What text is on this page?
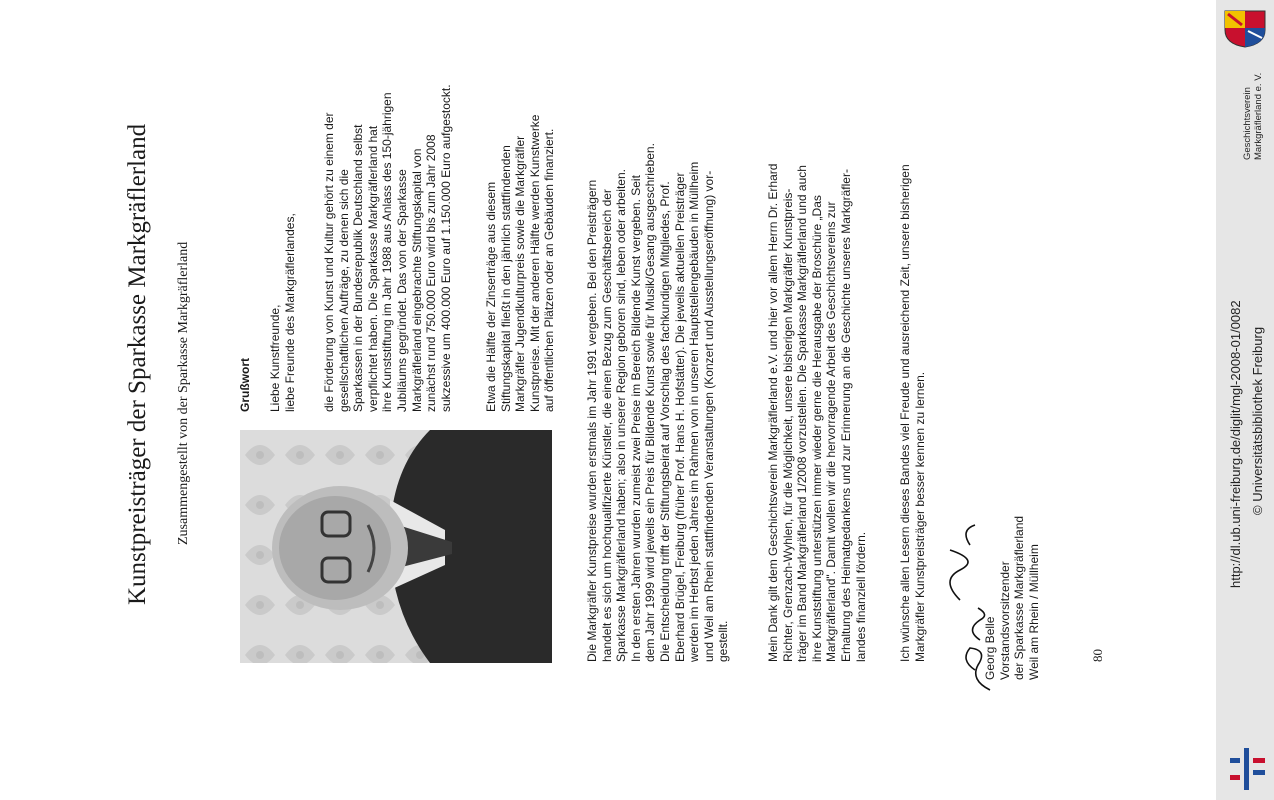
Kunstpreisträger der Sparkasse Markgräflerland Zusammengestellt von der Sparkasse Markgräflerland	Grußwort Liebe Kunstfreunde, liebe Freunde des Markgräflerlandes, die Förderung von Kunst und Kultur gehört zu einem der gesellschaftlichen Aufträge, zu denen sich die Sparkassen in der Bundesrepublik Deutschland selbst verpflichtet haben. Die Sparkasse Markgräflerland hat ihre Kunststiftung im Jahr 1988 aus Anlass des 150-jährigen Jubiläums gegründet. Das von der Sparkasse Markgräflerland eingebrachte Stiftungskapital von zunächst rund 750.000 Euro wird bis zum Jahr 2008 sukzessive um 400.000 Euro auf 1.150.000 Euro aufgestockt.	Etwa die Hälfte der Zinserträge aus diesem Stiftungskapital fließt in den jährlich stattfindenden Markgräfler Jugendkulturpreis sowie die Markgräfler Kunstpreise. Mit der anderen Hälfte werden Kunstwerke auf öffentlichen Plätzen oder an Gebäuden finanziert. Die Markgräfler Kunstpreise wurden erstmals im Jahr 1991 vergeben. Bei den Preisträgern handelt es sich um hochqualifizierte Künstler, die einen Bezug zum Geschäftsbereich der Sparkasse Markgräflerland haben; also in unserer Region geboren sind, leben oder arbeiten. In den ersten Jahren wurden zumeist zwei Preise im Bereich Bildende Kunst vergeben. Seit dem Jahr 1999 wird jeweils ein Preis für Bildende Kunst sowie für Musik/Gesang ausgeschrieben. Die Entscheidung trifft der Stiftungsbeirat auf Vorschlag des fachkundigen Mitgliedes, Prof. Eberhard Brügel, Freiburg (früher Prof. Hans H. Hofstätter). Die jeweils aktuellen Preisträger werden im Herbst jeden Jahres im Rahmen von in unseren Hauptstellengebäuden in Müllheim und Weil am Rhein stattfindenden Veranstaltungen (Konzert und Ausstellungseröffnung) vor- gestellt.	Mein Dank gilt dem Geschichtsverein Markgräflerland e.V. und hier vor allem Herrn Dr. Erhard Richter, Grenzach-Wyhlen, für die Möglichkeit, unsere bisherigen Markgräfler Kunstpreis- träger im Band Markgräflerland 1/2008 vorzustellen. Die Sparkasse Markgräflerland und auch ihre Kunststiftung unterstützen immer wieder gerne die Herausgabe der Broschüre „Das Markgräflerland". Damit wollen wir die hervorragende Arbeit des Geschichtsvereins zur Erhaltung des Heimatgedankens und zur Erinnerung an die Geschichte unseres Markgräfler- landes finanziell fördern.	Ich wünsche allen Lesern dieses Bandes viel Freude und ausreichend Zeit, unsere bisherigen Markgräfler Kunstpreisträger besser kennen zu lernen.	Georg Belle Vorstandsvorsitzender der Sparkasse Markgräflerland Weil am Rhein / Müllheim	80
Geschichtsverein Markgräflerland e. V.
http://dl.ub.uni-freiburg.de/diglit/mgl-2008-01/0082 © Universitätsbibliothek Freiburg
